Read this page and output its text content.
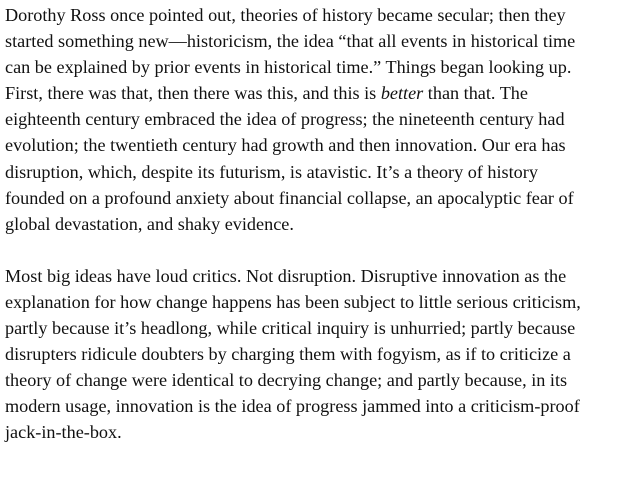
Dorothy Ross once pointed out, theories of history became secular; then they
started something new—historicism, the idea “that all events in historical time
can be explained by prior events in historical time.” Things began looking up.
First, there was that, then there was this, and this is better than that. The
eighteenth century embraced the idea of progress; the nineteenth century had
evolution; the twentieth century had growth and then innovation. Our era has
disruption, which, despite its futurism, is atavistic. It’s a theory of history
founded on a profound anxiety about financial collapse, an apocalyptic fear of
global devastation, and shaky evidence.

Most big ideas have loud critics. Not disruption. Disruptive innovation as the
explanation for how change happens has been subject to little serious criticism,
partly because it’s headlong, while critical inquiry is unhurried; partly because
disrupters ridicule doubters by charging them with fogyism, as if to criticize a
theory of change were identical to decrying change; and partly because, in its
modern usage, innovation is the idea of progress jammed into a criticism-proof
jack-in-the-box.
